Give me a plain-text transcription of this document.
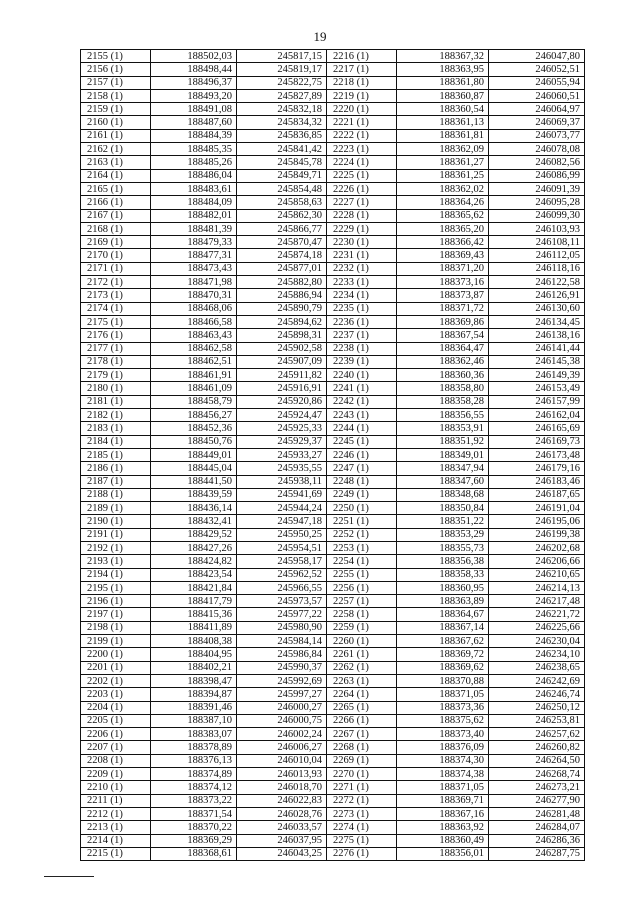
19
2155 (1)	188502,03	245817,15	2216 (1)	188367,32	246047,80
2156 (1)	188498,44	245819,17	2217 (1)	188363,95	246052,51
2157 (1)	188496,37	245822,75	2218 (1)	188361,80	246055,94
2158 (1)	188493,20	245827,89	2219 (1)	188360,87	246060,51
2159 (1)	188491,08	245832,18	2220 (1)	188360,54	246064,97
2160 (1)	188487,60	245834,32	2221 (1)	188361,13	246069,37
2161 (1)	188484,39	245836,85	2222 (1)	188361,81	246073,77
2162 (1)	188485,35	245841,42	2223 (1)	188362,09	246078,08
2163 (1)	188485,26	245845,78	2224 (1)	188361,27	246082,56
2164 (1)	188486,04	245849,71	2225 (1)	188361,25	246086,99
2165 (1)	188483,61	245854,48	2226 (1)	188362,02	246091,39
2166 (1)	188484,09	245858,63	2227 (1)	188364,26	246095,28
2167 (1)	188482,01	245862,30	2228 (1)	188365,62	246099,30
2168 (1)	188481,39	245866,77	2229 (1)	188365,20	246103,93
2169 (1)	188479,33	245870,47	2230 (1)	188366,42	246108,11
2170 (1)	188477,31	245874,18	2231 (1)	188369,43	246112,05
2171 (1)	188473,43	245877,01	2232 (1)	188371,20	246118,16
2172 (1)	188471,98	245882,80	2233 (1)	188373,16	246122,58
2173 (1)	188470,31	245886,94	2234 (1)	188373,87	246126,91
2174 (1)	188468,06	245890,79	2235 (1)	188371,72	246130,60
2175 (1)	188466,58	245894,62	2236 (1)	188369,86	246134,45
2176 (1)	188463,43	245898,31	2237 (1)	188367,54	246138,16
2177 (1)	188462,58	245902,58	2238 (1)	188364,47	246141,44
2178 (1)	188462,51	245907,09	2239 (1)	188362,46	246145,38
2179 (1)	188461,91	245911,82	2240 (1)	188360,36	246149,39
2180 (1)	188461,09	245916,91	2241 (1)	188358,80	246153,49
2181 (1)	188458,79	245920,86	2242 (1)	188358,28	246157,99
2182 (1)	188456,27	245924,47	2243 (1)	188356,55	246162,04
2183 (1)	188452,36	245925,33	2244 (1)	188353,91	246165,69
2184 (1)	188450,76	245929,37	2245 (1)	188351,92	246169,73
2185 (1)	188449,01	245933,27	2246 (1)	188349,01	246173,48
2186 (1)	188445,04	245935,55	2247 (1)	188347,94	246179,16
2187 (1)	188441,50	245938,11	2248 (1)	188347,60	246183,46
2188 (1)	188439,59	245941,69	2249 (1)	188348,68	246187,65
2189 (1)	188436,14	245944,24	2250 (1)	188350,84	246191,04
2190 (1)	188432,41	245947,18	2251 (1)	188351,22	246195,06
2191 (1)	188429,52	245950,25	2252 (1)	188353,29	246199,38
2192 (1)	188427,26	245954,51	2253 (1)	188355,73	246202,68
2193 (1)	188424,82	245958,17	2254 (1)	188356,38	246206,66
2194 (1)	188423,54	245962,52	2255 (1)	188358,33	246210,65
2195 (1)	188421,84	245966,55	2256 (1)	188360,95	246214,13
2196 (1)	188417,79	245973,57	2257 (1)	188363,89	246217,48
2197 (1)	188415,36	245977,22	2258 (1)	188364,67	246221,72
2198 (1)	188411,89	245980,90	2259 (1)	188367,14	246225,66
2199 (1)	188408,38	245984,14	2260 (1)	188367,62	246230,04
2200 (1)	188404,95	245986,84	2261 (1)	188369,72	246234,10
2201 (1)	188402,21	245990,37	2262 (1)	188369,62	246238,65
2202 (1)	188398,47	245992,69	2263 (1)	188370,88	246242,69
2203 (1)	188394,87	245997,27	2264 (1)	188371,05	246246,74
2204 (1)	188391,46	246000,27	2265 (1)	188373,36	246250,12
2205 (1)	188387,10	246000,75	2266 (1)	188375,62	246253,81
2206 (1)	188383,07	246002,24	2267 (1)	188373,40	246257,62
2207 (1)	188378,89	246006,27	2268 (1)	188376,09	246260,82
2208 (1)	188376,13	246010,04	2269 (1)	188374,30	246264,50
2209 (1)	188374,89	246013,93	2270 (1)	188374,38	246268,74
2210 (1)	188374,12	246018,70	2271 (1)	188371,05	246273,21
2211 (1)	188373,22	246022,83	2272 (1)	188369,71	246277,90
2212 (1)	188371,54	246028,76	2273 (1)	188367,16	246281,48
2213 (1)	188370,22	246033,57	2274 (1)	188363,92	246284,07
2214 (1)	188369,29	246037,95	2275 (1)	188360,49	246286,36
2215 (1)	188368,61	246043,25	2276 (1)	188356,01	246287,75
